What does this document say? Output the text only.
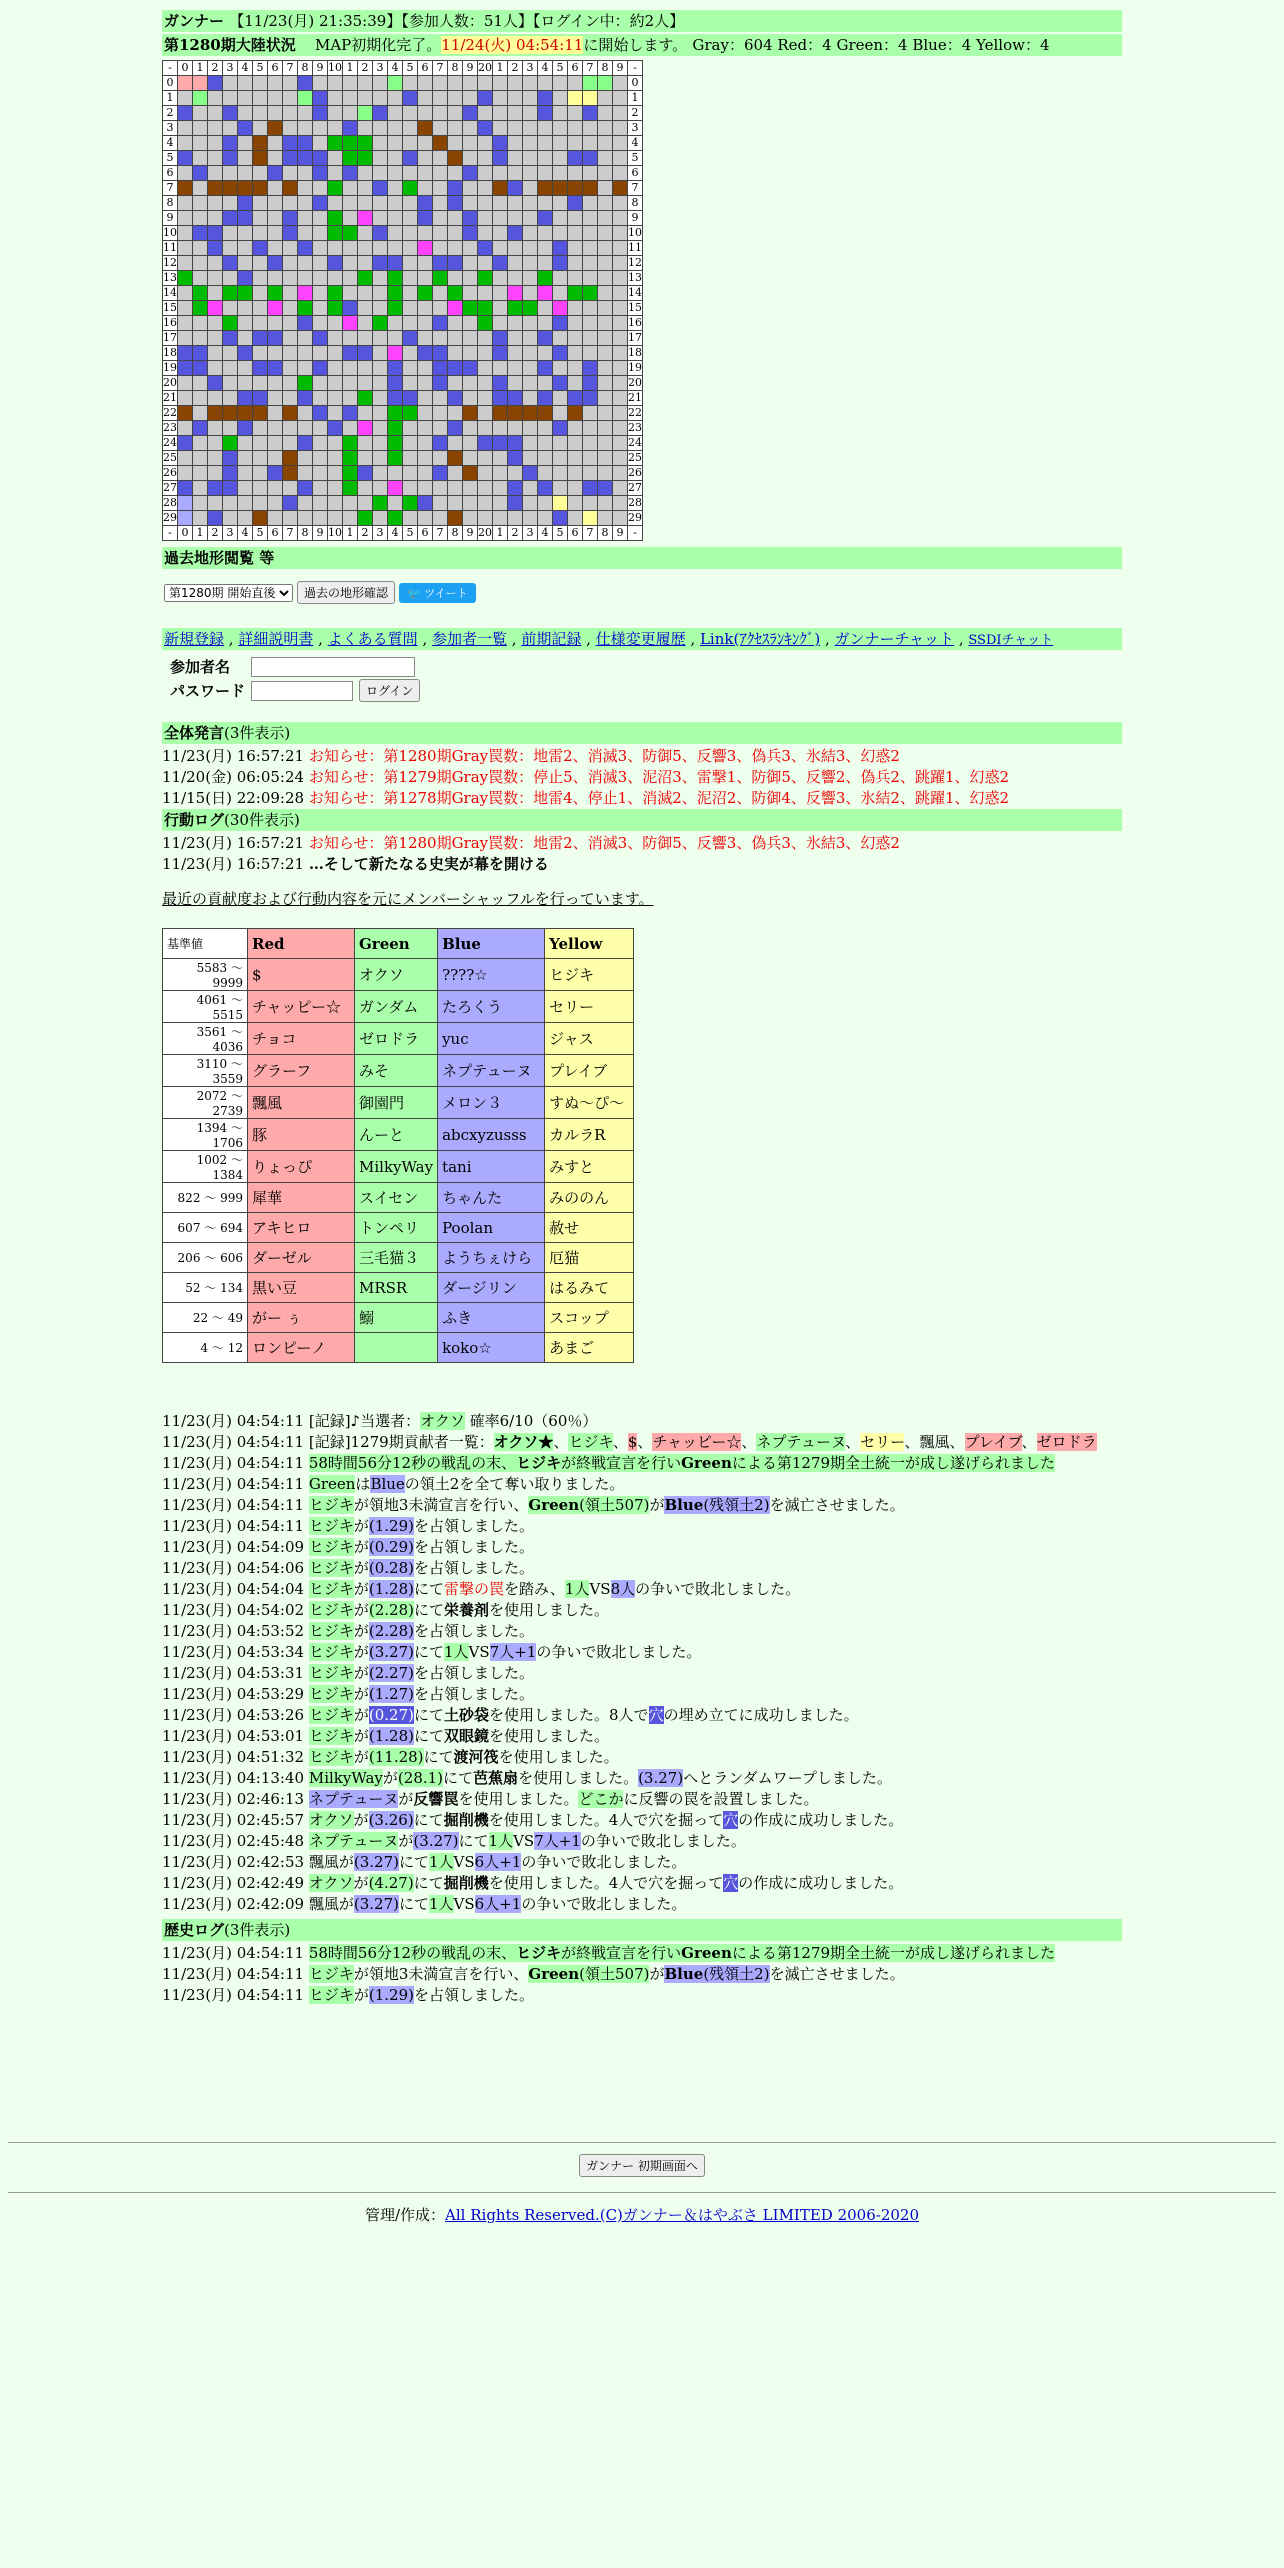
ガンナー 【11/23(月) 21:35:39】【参加人数：51人】【ログイン中：約2人】
第1280期大陸状況 MAP初期化完了。11/24(火) 04:54:11に開始します。 Gray：604 Red：4 Green：4 Blue：4 Yellow：4
-	0	1	2	3	4	5	6	7	8	9	10	1	2	3	4	5	6	7	8	9	20	1	2	3	4	5	6	7	8	9	-
0																															0
1																															1
2																															2
3																															3
4																															4
5																															5
6																															6
7																															7
8																															8
9																															9
10																															10
11																															11
12																															12
13																															13
14																															14
15																															15
16																															16
17																															17
18																															18
19																															19
20																															20
21																															21
22																															22
23																															23
24																															24
25																															25
26																															26
27																															27
28																															28
29																															29
-	0	1	2	3	4	5	6	7	8	9	10	1	2	3	4	5	6	7	8	9	20	1	2	3	4	5	6	7	8	9	-
過去地形閲覧 等
第1280期 開始直後
過去の地形確認	🐦 ツイート
新規登録 , 詳細説明書 , よくある質問 , 参加者一覧 , 前期記録 , 仕様変更履歴 , Link(ｱｸｾｽﾗﾝｷﾝｸﾞ) , ガンナーチャット , SSDIチャット
参加者名	
パスワード		ログイン
全体発言(3件表示)
11/23(月) 16:57:21 お知らせ：第1280期Gray罠数：地雷2、消滅3、防御5、反響3、偽兵3、氷結3、幻惑2
11/20(金) 06:05:24 お知らせ：第1279期Gray罠数：停止5、消滅3、泥沼3、雷撃1、防御5、反響2、偽兵2、跳躍1、幻惑2
11/15(日) 22:09:28 お知らせ：第1278期Gray罠数：地雷4、停止1、消滅2、泥沼2、防御4、反響3、氷結2、跳躍1、幻惑2
行動ログ(30件表示)
11/23(月) 16:57:21 お知らせ：第1280期Gray罠数：地雷2、消滅3、防御5、反響3、偽兵3、氷結3、幻惑2
11/23(月) 16:57:21 …そして新たなる史実が幕を開ける
最近の貢献度および行動内容を元にメンバーシャッフルを行っています。
基準値	Red	Green	Blue	Yellow
5583 ～ 9999	$	オクソ	????☆	ヒジキ
4061 ～ 5515	チャッピー☆	ガンダム	たろくう	セリー
3561 ～ 4036	チョコ	ゼロドラ	yuc	ジャス
3110 ～ 3559	グラーフ	みそ	ネプテューヌ	プレイブ
2072 ～ 2739	飄風	御園門	メロン３	すぬ～ぴ～
1394 ～ 1706	豚	んーと	abcxyzusss	カルラR
1002 ～ 1384	りょっぴ	MilkyWay	tani	みすと
822 ～ 999	犀華	スイセン	ちゃんた	みののん
607 ～ 694	アキヒロ	トンペリ	Poolan	赦せ
206 ～ 606	ダーゼル	三毛猫３	ようちぇけら	厄猫
52 ～ 134	黒い豆	MRSR	ダージリン	はるみて
22 ～ 49	がー ぅ	鰯	ふき	スコップ
4 ～ 12	ロンピーノ		koko☆	あまご
11/23(月) 04:54:11 [記録]♪当選者：オクソ 確率6/10（60％）
11/23(月) 04:54:11 [記録]1279期貢献者一覧：オクソ★、ヒジキ、$、チャッピー☆、ネプテューヌ、セリー、飄風、プレイブ、ゼロドラ
11/23(月) 04:54:11 58時間56分12秒の戦乱の末、ヒジキが終戦宣言を行いGreenによる第1279期全土統一が成し遂げられました
11/23(月) 04:54:11 GreenはBlueの領土2を全て奪い取りました。
11/23(月) 04:54:11 ヒジキが領地3未満宣言を行い、Green(領土507)がBlue(残領土2)を滅亡させました。
11/23(月) 04:54:11 ヒジキが(1.29)を占領しました。
11/23(月) 04:54:09 ヒジキが(0.29)を占領しました。
11/23(月) 04:54:06 ヒジキが(0.28)を占領しました。
11/23(月) 04:54:04 ヒジキが(1.28)にて雷撃の罠を踏み、1人VS8人の争いで敗北しました。
11/23(月) 04:54:02 ヒジキが(2.28)にて栄養剤を使用しました。
11/23(月) 04:53:52 ヒジキが(2.28)を占領しました。
11/23(月) 04:53:34 ヒジキが(3.27)にて1人VS7人+1の争いで敗北しました。
11/23(月) 04:53:31 ヒジキが(2.27)を占領しました。
11/23(月) 04:53:29 ヒジキが(1.27)を占領しました。
11/23(月) 04:53:26 ヒジキが(0.27)にて土砂袋を使用しました。8人で穴の埋め立てに成功しました。
11/23(月) 04:53:01 ヒジキが(1.28)にて双眼鏡を使用しました。
11/23(月) 04:51:32 ヒジキが(11.28)にて渡河筏を使用しました。
11/23(月) 04:13:40 MilkyWayが(28.1)にて芭蕉扇を使用しました。(3.27)へとランダムワープしました。
11/23(月) 02:46:13 ネプテューヌが反響罠を使用しました。どこかに反響の罠を設置しました。
11/23(月) 02:45:57 オクソが(3.26)にて掘削機を使用しました。4人で穴を掘って穴の作成に成功しました。
11/23(月) 02:45:48 ネプテューヌが(3.27)にて1人VS7人+1の争いで敗北しました。
11/23(月) 02:42:53 飄風が(3.27)にて1人VS6人+1の争いで敗北しました。
11/23(月) 02:42:49 オクソが(4.27)にて掘削機を使用しました。4人で穴を掘って穴の作成に成功しました。
11/23(月) 02:42:09 飄風が(3.27)にて1人VS6人+1の争いで敗北しました。
歴史ログ(3件表示)
11/23(月) 04:54:11 58時間56分12秒の戦乱の末、ヒジキが終戦宣言を行いGreenによる第1279期全土統一が成し遂げられました
11/23(月) 04:54:11 ヒジキが領地3未満宣言を行い、Green(領土507)がBlue(残領土2)を滅亡させました。
11/23(月) 04:54:11 ヒジキが(1.29)を占領しました。
ガンナー 初期画面へ
管理/作成：All Rights Reserved.(C)ガンナー＆はやぶさ LIMITED 2006-2020
